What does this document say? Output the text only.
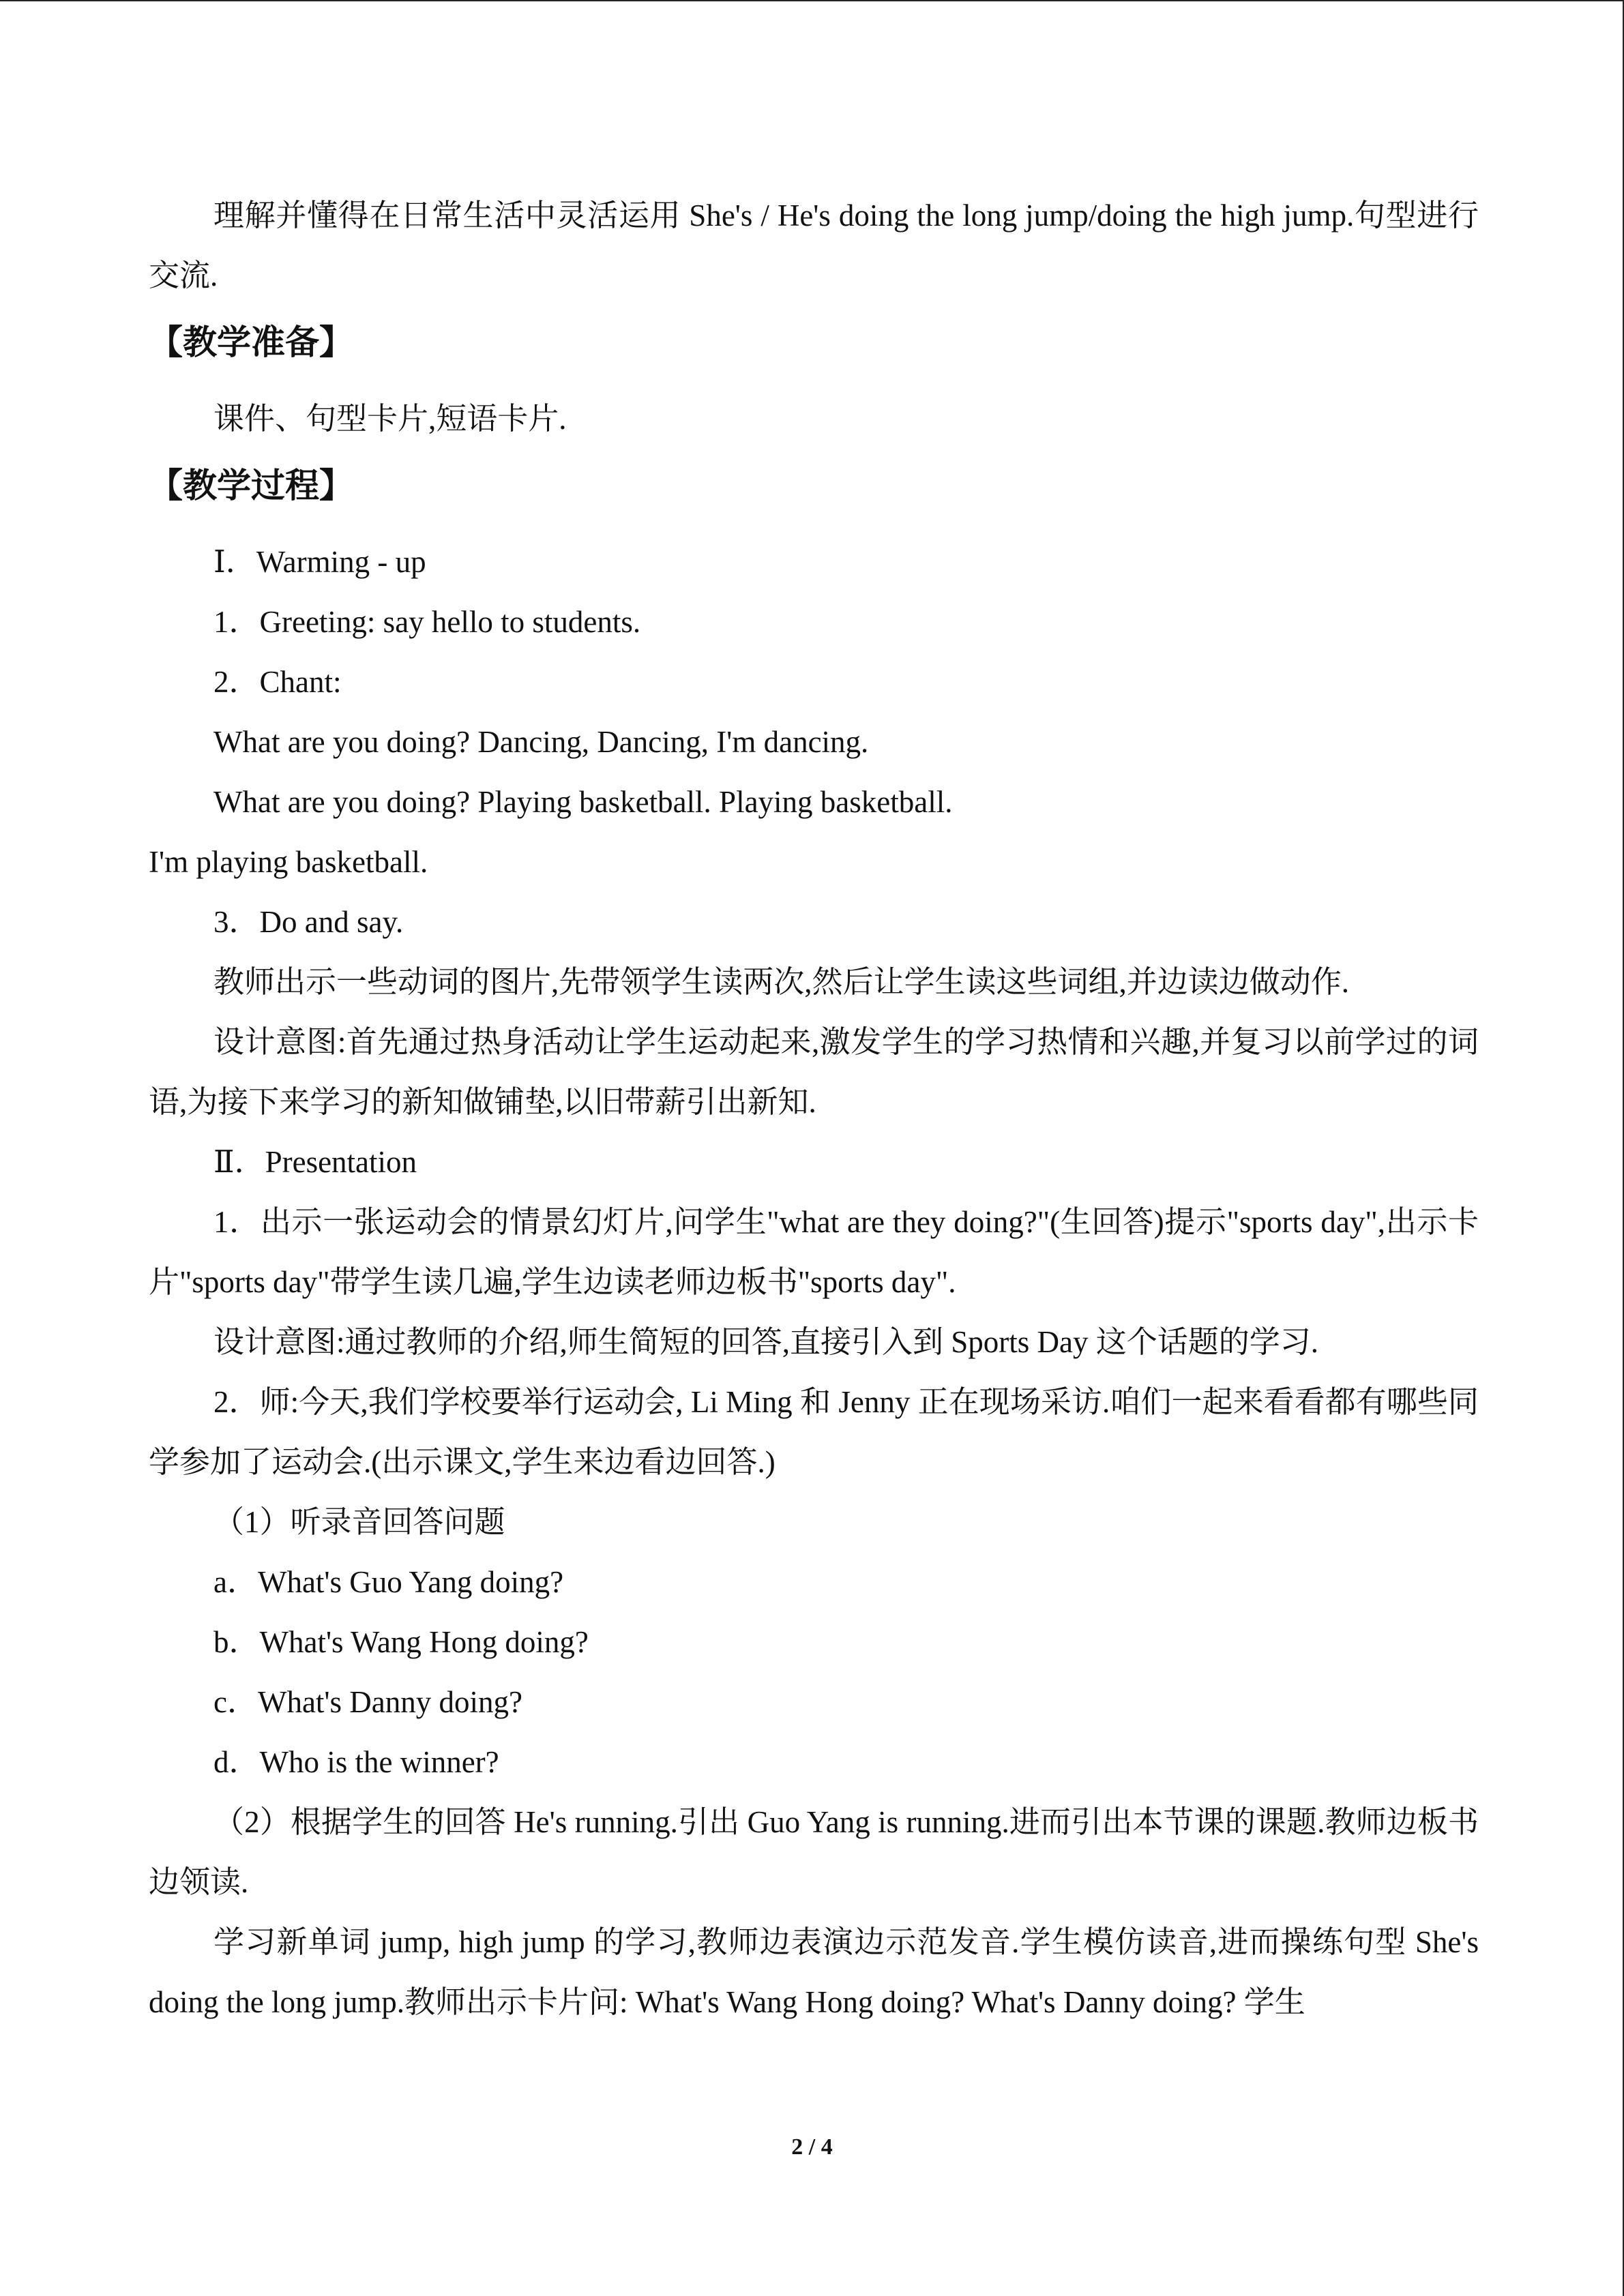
理解并懂得在日常生活中灵活运用 She's / He's doing the long jump/doing the high jump.句型进行交流.

【教学准备】

课件、句型卡片,短语卡片.

【教学过程】

Ⅰ．Warming - up

1．Greeting: say hello to students.

2．Chant:

What are you doing? Dancing, Dancing, I'm dancing.

What are you doing? Playing basketball. Playing basketball.

I'm playing basketball.

3．Do and say.

教师出示一些动词的图片,先带领学生读两次,然后让学生读这些词组,并边读边做动作.

设计意图:首先通过热身活动让学生运动起来,激发学生的学习热情和兴趣,并复习以前学过的词语,为接下来学习的新知做铺垫,以旧带薪引出新知.

Ⅱ．Presentation

1．出示一张运动会的情景幻灯片,问学生"what are they doing?"(生回答)提示"sports day",出示卡片"sports day"带学生读几遍,学生边读老师边板书"sports day".

设计意图:通过教师的介绍,师生简短的回答,直接引入到 Sports Day 这个话题的学习.

2．师:今天,我们学校要举行运动会, Li Ming 和 Jenny 正在现场采访.咱们一起来看看都有哪些同学参加了运动会.(出示课文,学生来边看边回答.)

（1）听录音回答问题

a．What's Guo Yang doing?

b．What's Wang Hong doing?

c．What's Danny doing?

d．Who is the winner?

（2）根据学生的回答 He's running.引出 Guo Yang is running.进而引出本节课的课题.教师边板书边领读.

学习新单词 jump, high jump 的学习,教师边表演边示范发音.学生模仿读音,进而操练句型 She's doing the long jump.教师出示卡片问: What's Wang Hong doing? What's Danny doing? 学生

2 / 4
